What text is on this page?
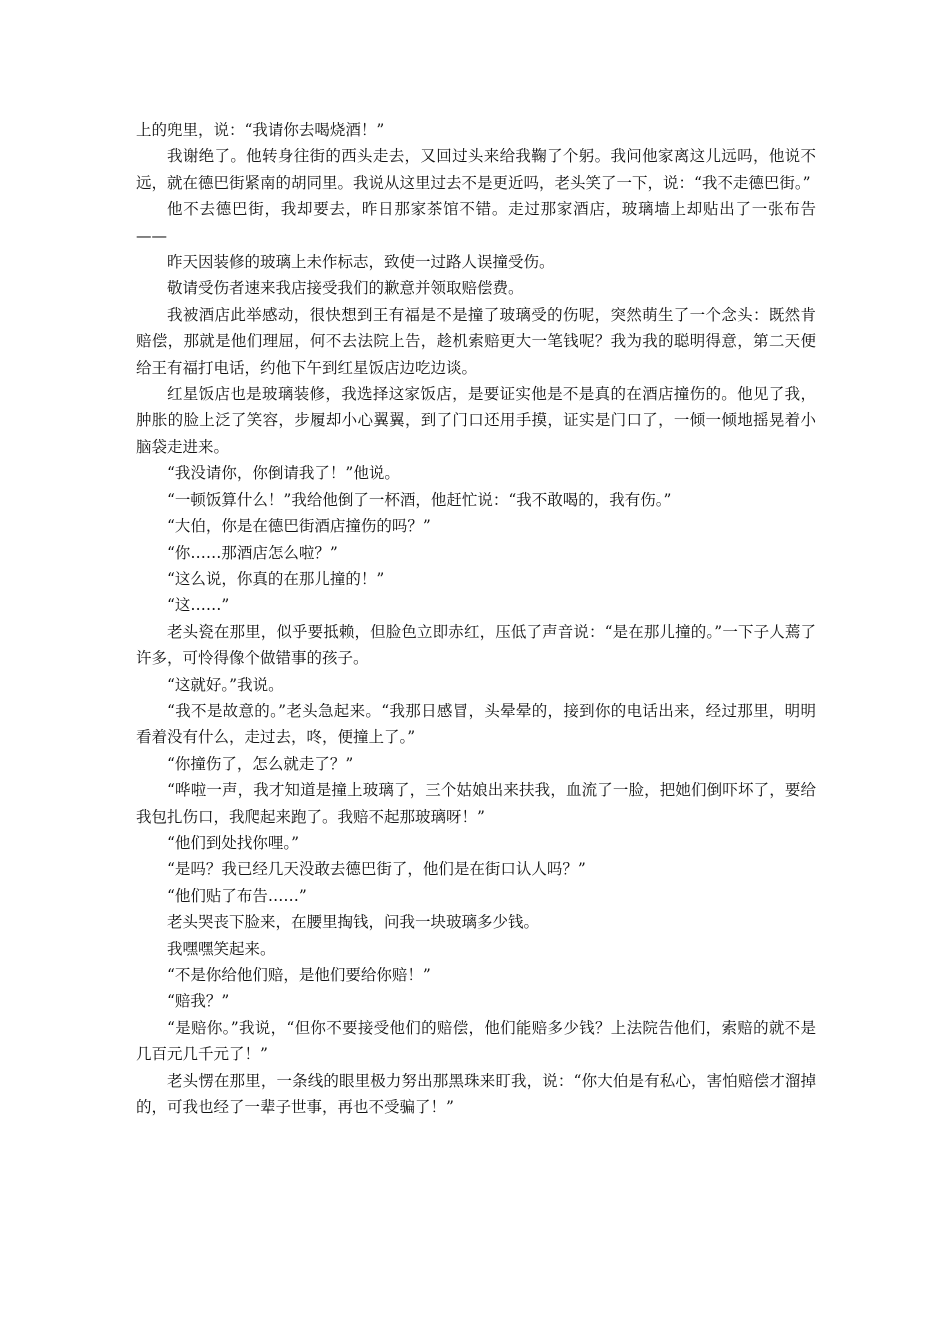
上的兜里，说：“我请你去喝烧酒！”

我谢绝了。他转身往街的西头走去，又回过头来给我鞠了个躬。我问他家离这儿远吗，他说不远，就在德巴街紧南的胡同里。我说从这里过去不是更近吗，老头笑了一下，说：“我不走德巴街。”

他不去德巴街，我却要去，昨日那家茶馆不错。走过那家酒店，玻璃墙上却贴出了一张布告——

昨天因装修的玻璃上未作标志，致使一过路人误撞受伤。

敬请受伤者速来我店接受我们的歉意并领取赔偿费。

我被酒店此举感动，很快想到王有福是不是撞了玻璃受的伤呢，突然萌生了一个念头：既然肯赔偿，那就是他们理屈，何不去法院上告，趁机索赔更大一笔钱呢？我为我的聪明得意，第二天便给王有福打电话，约他下午到红星饭店边吃边谈。

红星饭店也是玻璃装修，我选择这家饭店，是要证实他是不是真的在酒店撞伤的。他见了我，肿胀的脸上泛了笑容，步履却小心翼翼，到了门口还用手摸，证实是门口了，一倾一倾地摇晃着小脑袋走进来。

“我没请你，你倒请我了！”他说。

“一顿饭算什么！”我给他倒了一杯酒，他赶忙说：“我不敢喝的，我有伤。”

“大伯，你是在德巴街酒店撞伤的吗？”

“你……那酒店怎么啦？”

“这么说，你真的在那儿撞的！”

“这……”

老头瓷在那里，似乎要抵赖，但脸色立即赤红，压低了声音说：“是在那儿撞的。”一下子人蔫了许多，可怜得像个做错事的孩子。

“这就好。”我说。

“我不是故意的。”老头急起来。“我那日感冒，头晕晕的，接到你的电话出来，经过那里，明明看着没有什么，走过去，咚，便撞上了。”

“你撞伤了，怎么就走了？”

“哗啦一声，我才知道是撞上玻璃了，三个姑娘出来扶我，血流了一脸，把她们倒吓坏了，要给我包扎伤口，我爬起来跑了。我赔不起那玻璃呀！”

“他们到处找你哩。”

“是吗？我已经几天没敢去德巴街了，他们是在街口认人吗？”

“他们贴了布告……”

老头哭丧下脸来，在腰里掏钱，问我一块玻璃多少钱。

我嘿嘿笑起来。

“不是你给他们赔，是他们要给你赔！”

“赔我？”

“是赔你。”我说，“但你不要接受他们的赔偿，他们能赔多少钱？上法院告他们，索赔的就不是几百元几千元了！”

老头愣在那里，一条线的眼里极力努出那黑珠来盯我，说：“你大伯是有私心，害怕赔偿才溜掉的，可我也经了一辈子世事，再也不受骗了！”
